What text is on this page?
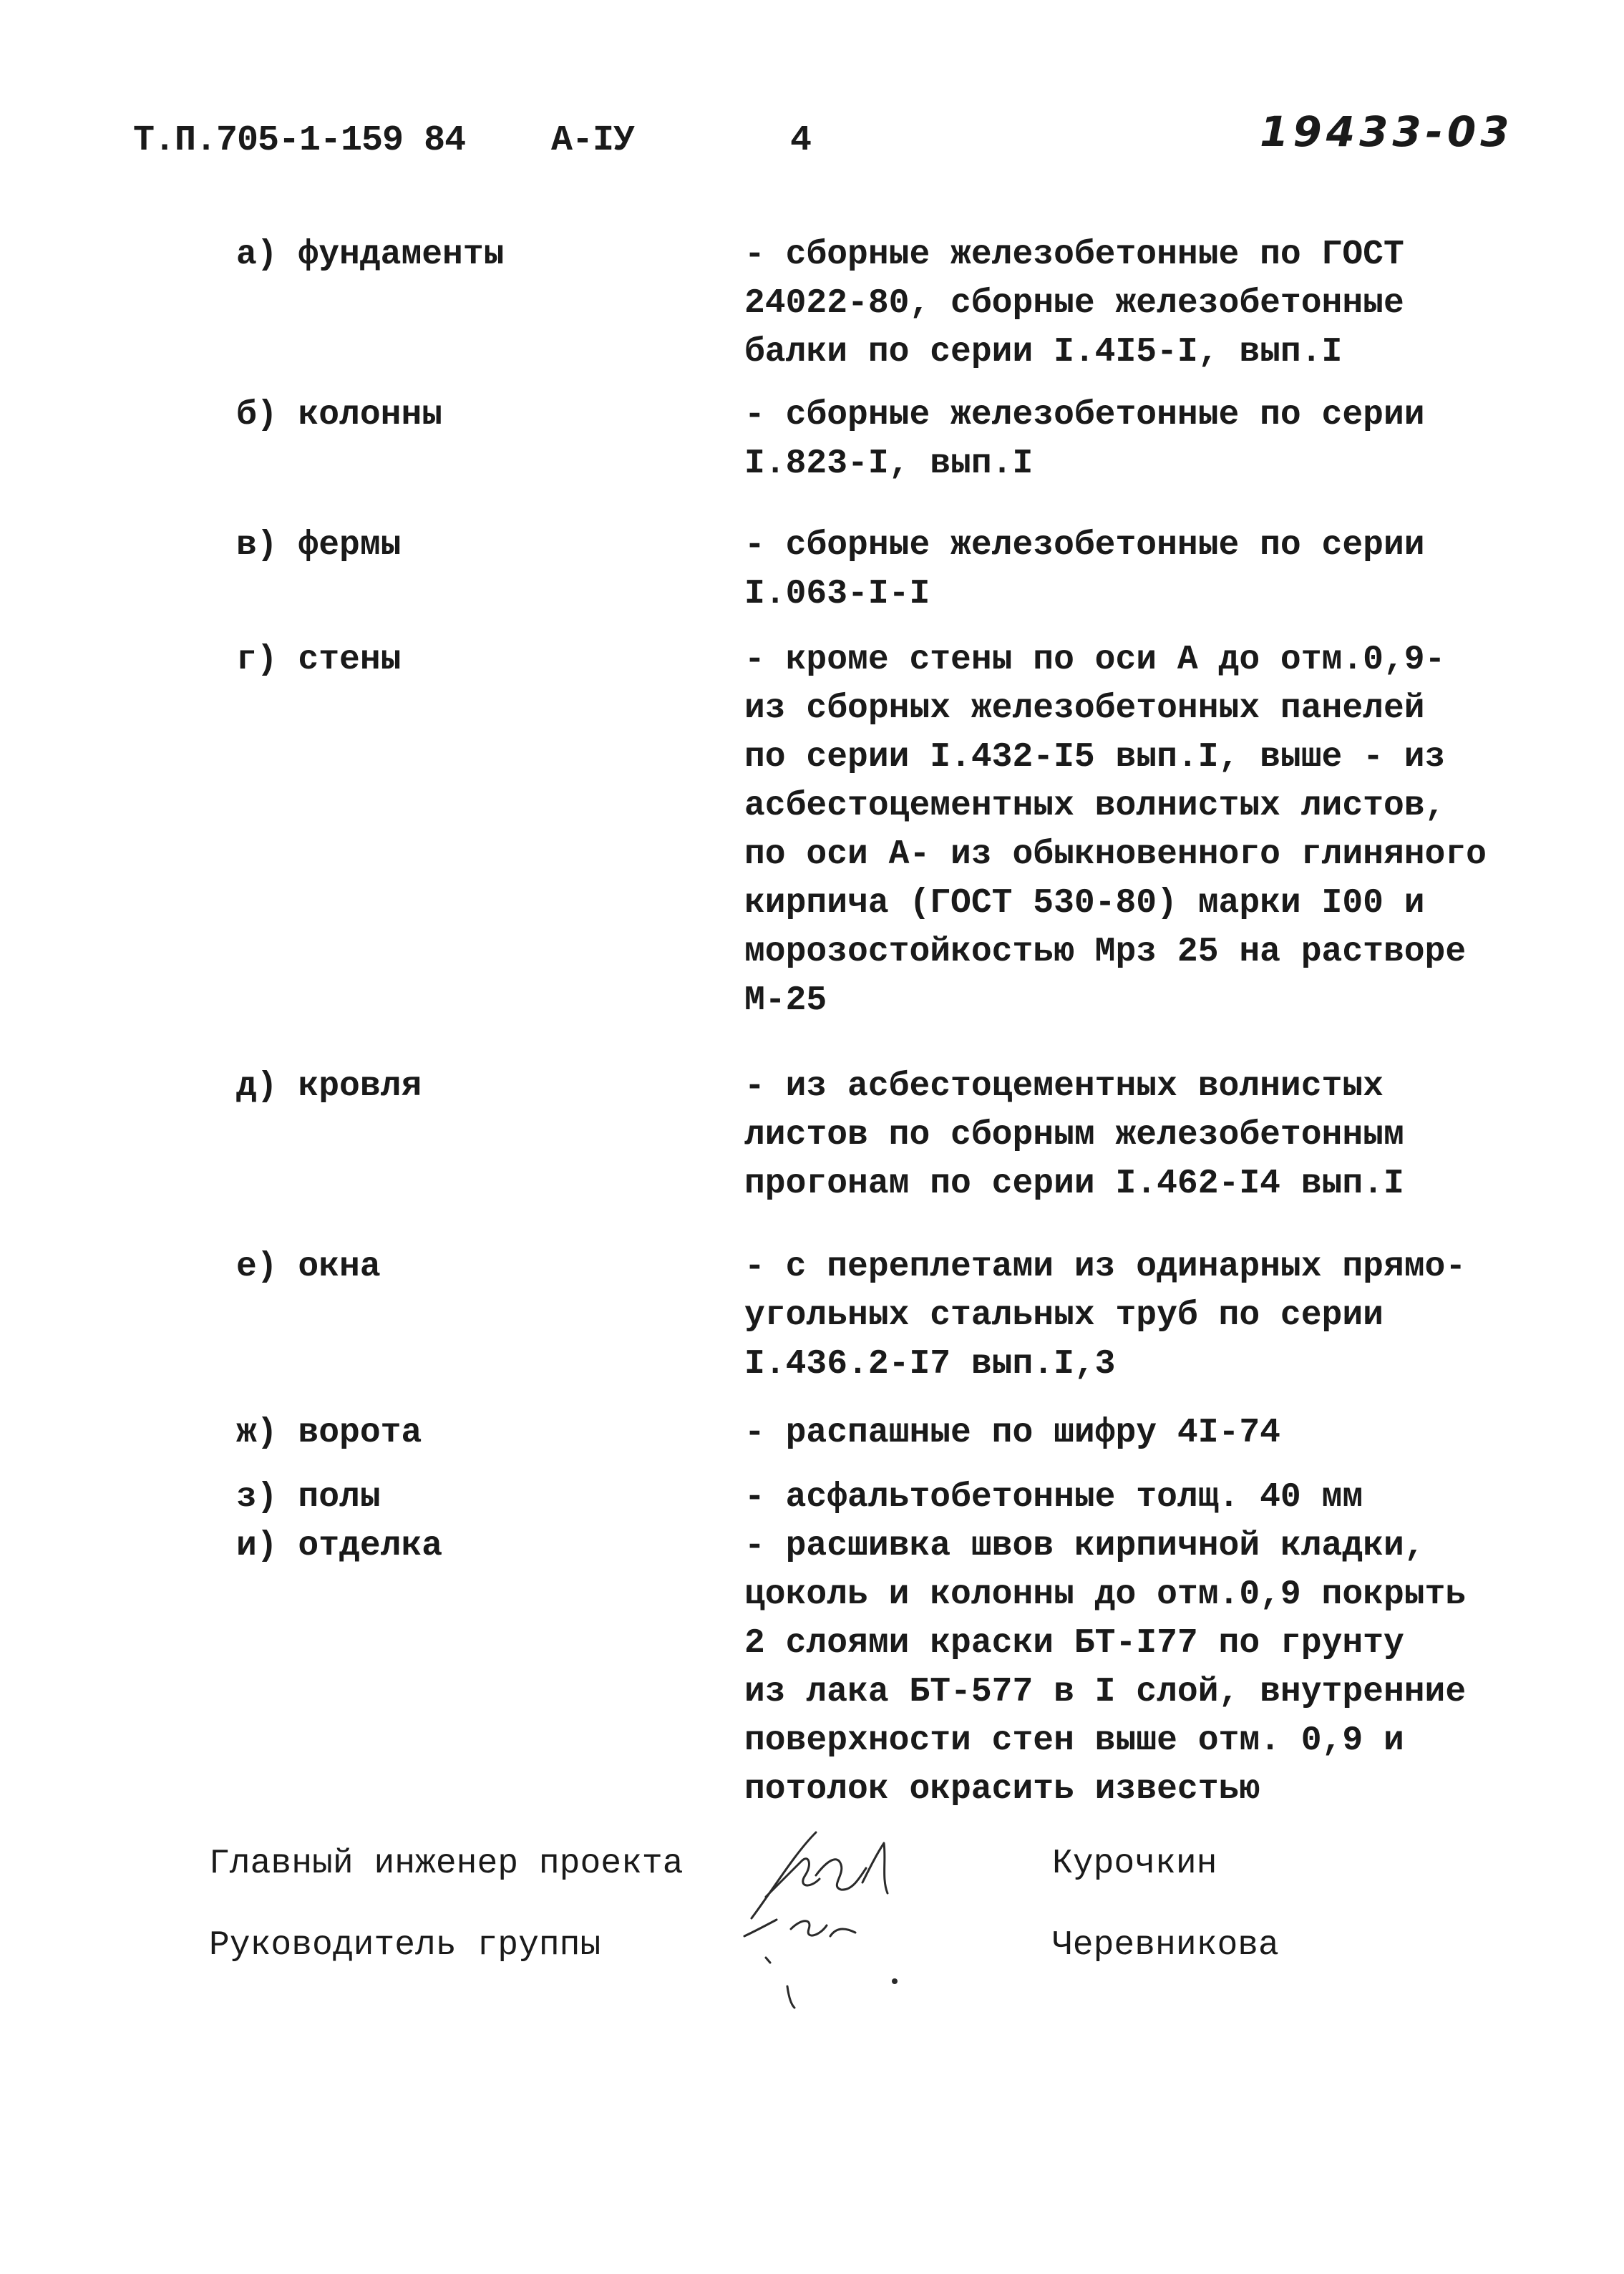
Т.П.705-1-159 84 А-IУ	4	19433-03
а) фундаменты	- сборные железобетонные по ГОСТ
24022-80, сборные железобетонные
балки по серии I.4I5-I, вып.I
б) колонны	- сборные железобетонные по серии
I.823-I, вып.I
в) фермы	- сборные железобетонные по серии
I.063-I-I
г) стены	- кроме стены по оси А до отм.0,9-
из сборных железобетонных панелей
по серии I.432-I5 вып.I, выше - из
асбестоцементных волнистых листов,
по оси А- из обыкновенного глиняного
кирпича (ГОСТ 530-80) марки I00 и
морозостойкостью Мрз 25 на растворе
М-25
д) кровля	- из асбестоцементных волнистых
листов по сборным железобетонным
прогонам по серии I.462-I4 вып.I
е) окна	- с переплетами из одинарных прямо-
угольных стальных труб по серии
I.436.2-I7 вып.I,3
ж) ворота	- распашные по шифру 4I-74
з) полы	- асфальтобетонные толщ. 40 мм
и) отделка	- расшивка швов кирпичной кладки,
цоколь и колонны до отм.0,9 покрыть
2 слоями краски БТ-I77 по грунту
из лака БТ-577 в I слой, внутренние
поверхности стен выше отм. 0,9 и
потолок окрасить известью
Главный инженер проекта	Курочкин
Руководитель группы	Черевникова
